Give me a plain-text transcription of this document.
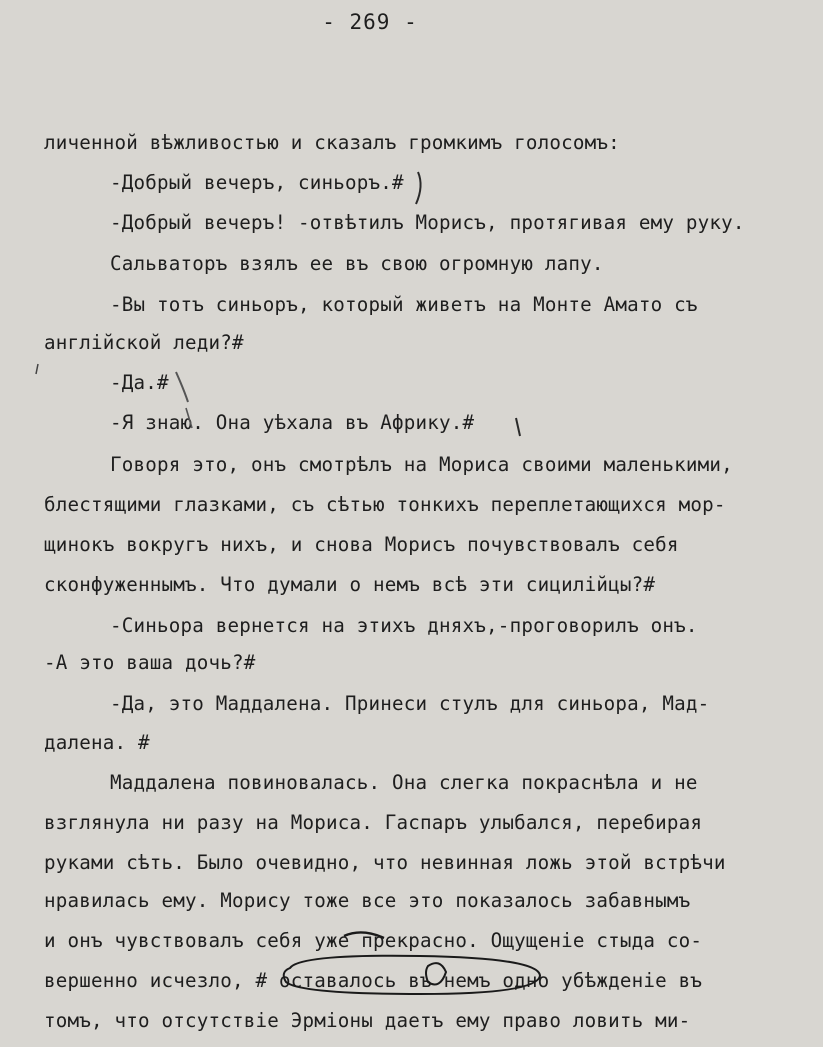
- 269 -
личенной вѣжливостью и сказалъ громкимъ голосомъ:
-Добрый вечеръ, синьоръ.#
-Добрый вечеръ! -отвѣтилъ Морисъ, протягивая ему руку.
Сальваторъ взялъ ее въ свою огромную лапу.
-Вы тотъ синьоръ, который живетъ на Монте Амато съ
англійской леди?#
-Да.#
-Я знаю. Она уѣхала въ Африку.#
Говоря это, онъ смотрѣлъ на Мориса своими маленькими,
блестящими глазками, съ сѣтью тонкихъ переплетающихся мор-
щинокъ вокругъ нихъ, и снова Морисъ почувствовалъ себя
сконфуженнымъ. Что думали о немъ всѣ эти сицилійцы?#
-Синьора вернется на этихъ дняхъ,-проговорилъ онъ.
-А это ваша дочь?#
-Да, это Маддалена. Принеси стулъ для синьора, Мад-
далена. #
Маддалена повиновалась. Она слегка покраснѣла и не
взглянула ни разу на Мориса. Гаспаръ улыбался, перебирая
руками сѣть. Было очевидно, что невинная ложь этой встрѣчи
нравилась ему. Морису тоже все это показалось забавнымъ
и онъ чувствовалъ себя уже прекрасно. Ощущеніе стыда со-
вершенно исчезло, # оставалось въ немъ одно убѣжденіе въ
томъ, что отсутствіе Эрміоны даетъ ему право ловить ми-
